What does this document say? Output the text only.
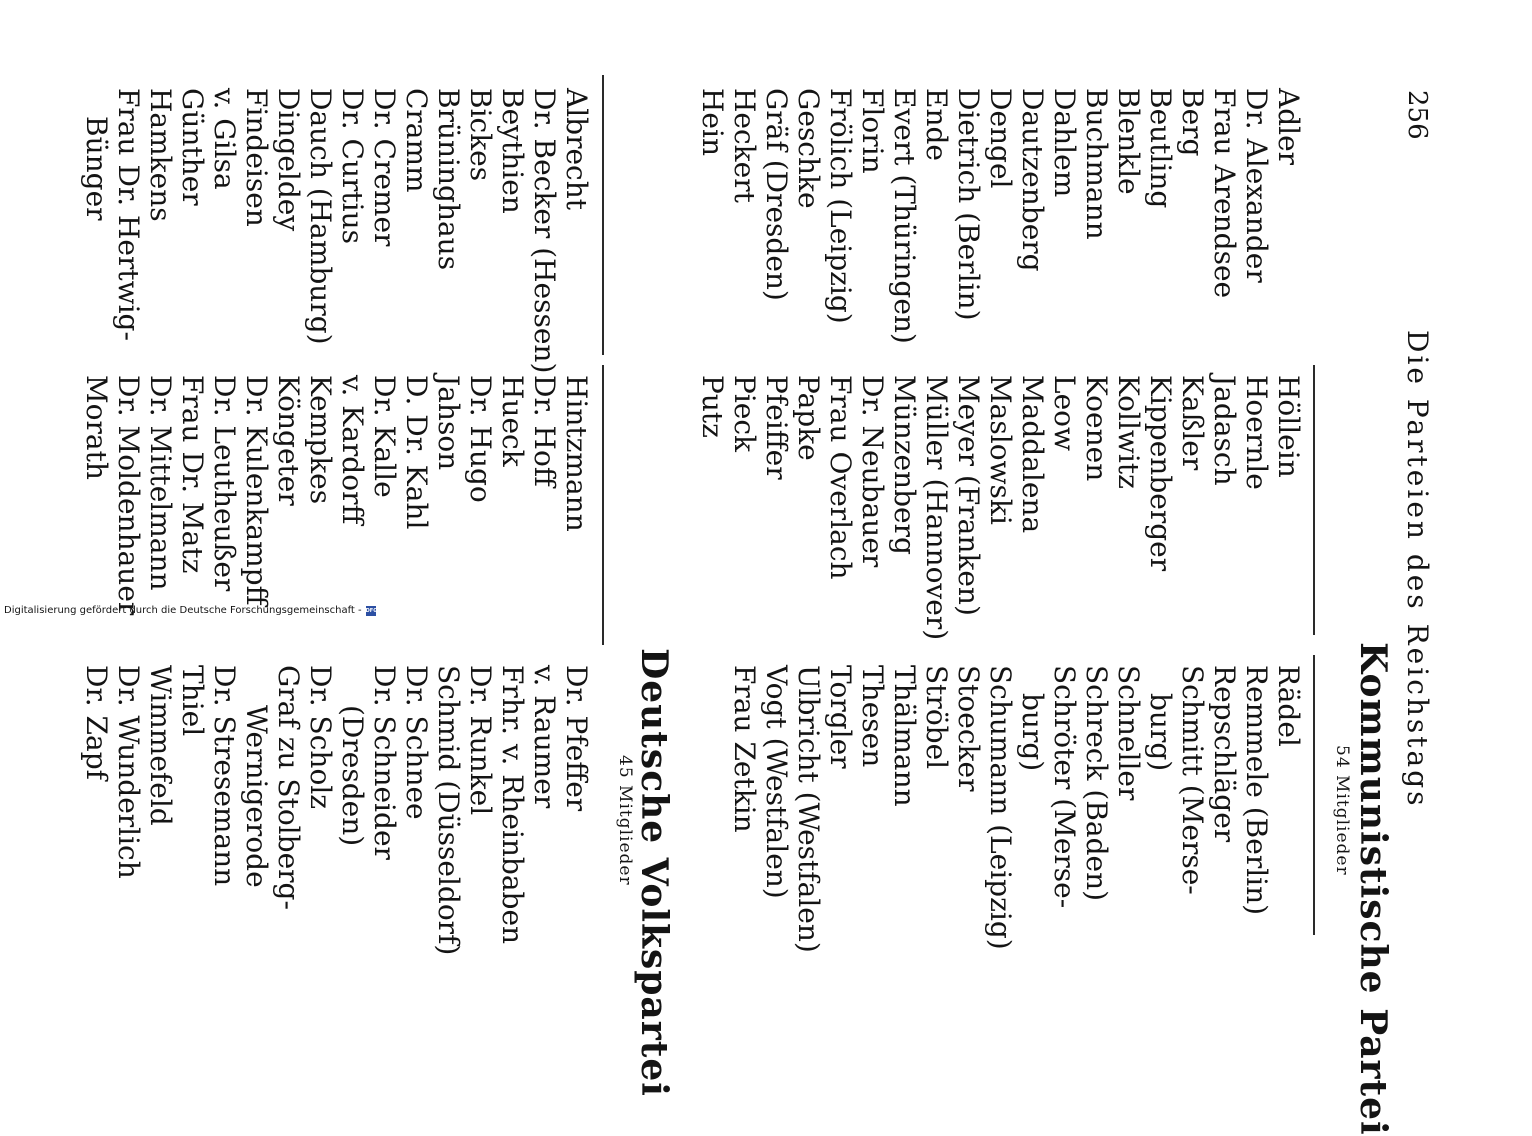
256
Die Parteien des Reichstags
Kommunistische Partei
54 Mitglieder
Adler
Dr. Alexander
Frau Arendsee
Berg
Beutling
Blenkle
Buchmann
Dahlem
Dautzenberg
Dengel
Dietrich (Berlin)
Ende
Evert (Thüringen)
Florin
Frölich (Leipzig)
Geschke
Gräf (Dresden)
Heckert
Hein
Höllein
Hoernle
Jadasch
Kaßler
Kippenberger
Kollwitz
Koenen
Leow
Maddalena
Maslowski
Meyer (Franken)
Müller (Hannover)
Münzenberg
Dr. Neubauer
Frau Overlach
Papke
Pfeiffer
Pieck
Putz
Rädel
Remmele (Berlin)
Repschläger
Schmitt (Merse-
burg)
Schneller
Schreck (Baden)
Schröter (Merse-
burg)
Schumann (Leipzig)
Stoecker
Ströbel
Thälmann
Thesen
Torgler
Ulbricht (Westfalen)
Vogt (Westfalen)
Frau Zetkin
Deutsche Volkspartei
45 Mitglieder
Albrecht
Dr. Becker (Hessen)
Beythien
Bickes
Brüninghaus
Cramm
Dr. Cremer
Dr. Curtius
Dauch (Hamburg)
Dingeldey
Findeisen
v. Gilsa
Günther
Hamkens
Frau Dr. Hertwig-
Bünger
Hintzmann
Dr. Hoff
Hueck
Dr. Hugo
Jahson
D. Dr. Kahl
Dr. Kalle
v. Kardorff
Kempkes
Köngeter
Dr. Kulenkampff
Dr. Leutheußer
Frau Dr. Matz
Dr. Mittelmann
Dr. Moldenhauer
Morath
Dr. Pfeffer
v. Raumer
Frhr. v. Rheinbaben
Dr. Runkel
Schmid (Düsseldorf)
Dr. Schnee
Dr. Schneider
(Dresden)
Dr. Scholz
Graf zu Stolberg-
Wernigerode
Dr. Stresemann
Thiel
Wimmefeld
Dr. Wunderlich
Dr. Zapf
Digitalisierung gefördert durch die Deutsche Forschungsgemeinschaft - DFG
